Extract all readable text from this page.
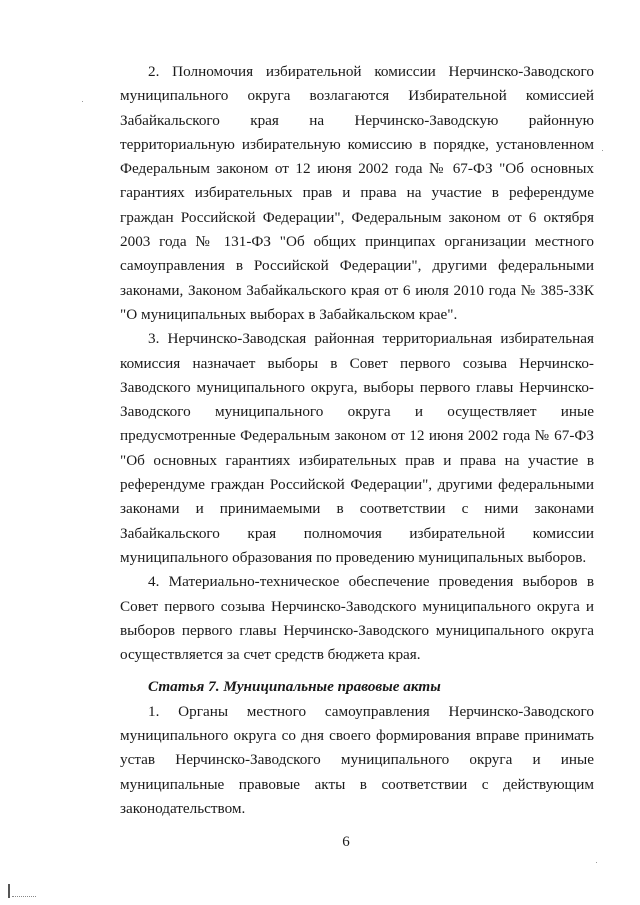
2. Полномочия избирательной комиссии Нерчинско-Заводского муниципального округа возлагаются Избирательной комиссией Забайкальского края на Нерчинско-Заводскую районную территориальную избирательную комиссию в порядке, установленном Федеральным законом от 12 июня 2002 года № 67-ФЗ "Об основных гарантиях избирательных прав и права на участие в референдуме граждан Российской Федерации", Федеральным законом от 6 октября 2003 года № 131-ФЗ "Об общих принципах организации местного самоуправления в Российской Федерации", другими федеральными законами, Законом Забайкальского края от 6 июля 2010 года № 385-ЗЗК "О муниципальных выборах в Забайкальском крае".

3. Нерчинско-Заводская районная территориальная избирательная комиссия назначает выборы в Совет первого созыва Нерчинско-Заводского муниципального округа, выборы первого главы Нерчинско-Заводского муниципального округа и осуществляет иные предусмотренные Федеральным законом от 12 июня 2002 года № 67-ФЗ "Об основных гарантиях избирательных прав и права на участие в референдуме граждан Российской Федерации", другими федеральными законами и принимаемыми в соответствии с ними законами Забайкальского края полномочия избирательной комиссии муниципального образования по проведению муниципальных выборов.

4. Материально-техническое обеспечение проведения выборов в Совет первого созыва Нерчинско-Заводского муниципального округа и выборов первого главы Нерчинско-Заводского муниципального округа осуществляется за счет средств бюджета края.

Статья 7. Муниципальные правовые акты

1. Органы местного самоуправления Нерчинско-Заводского муниципального округа со дня своего формирования вправе принимать устав Нерчинско-Заводского муниципального округа и иные муниципальные правовые акты в соответствии с действующим законодательством.

6
